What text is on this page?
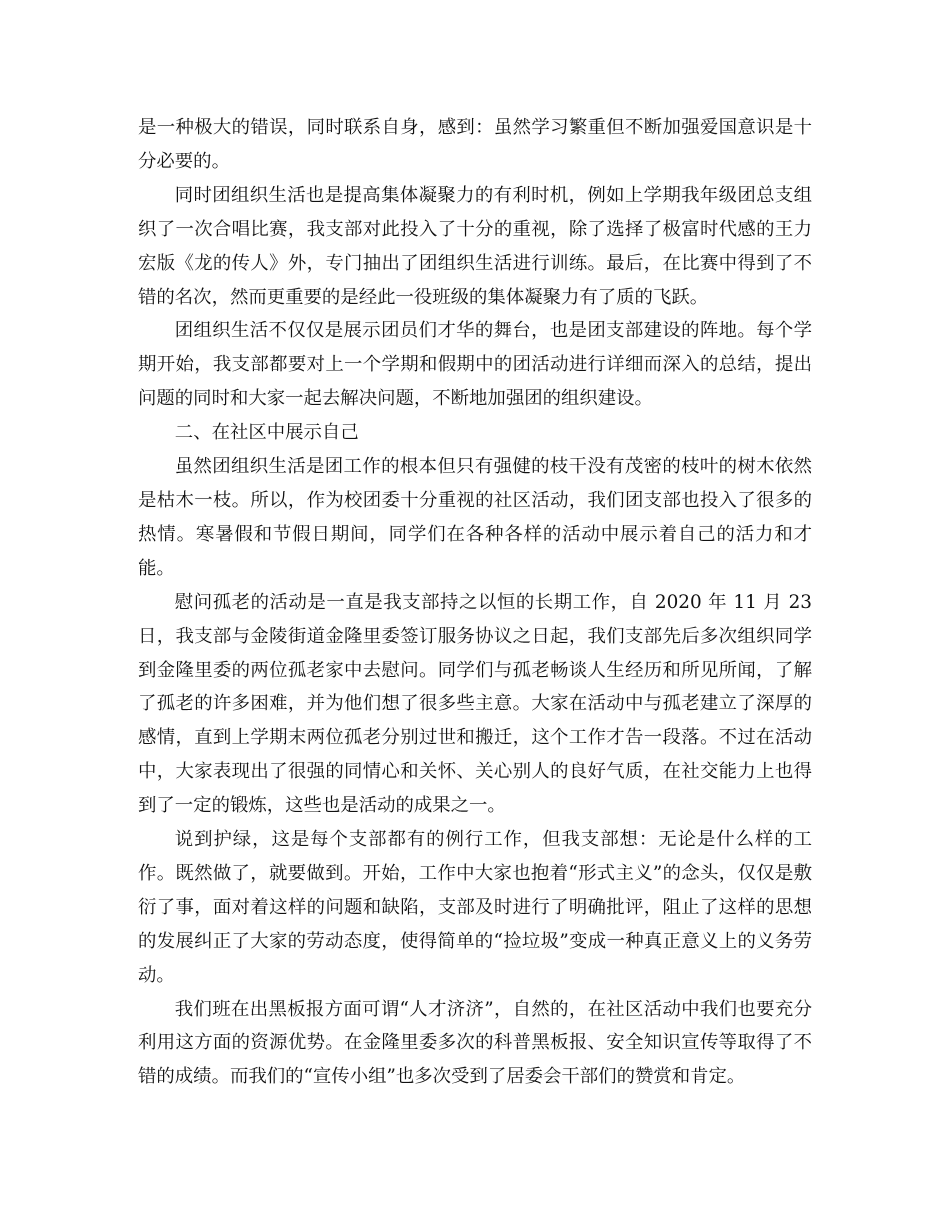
是一种极大的错误，同时联系自身，感到：虽然学习繁重但不断加强爱国意识是十分必要的。

同时团组织生活也是提高集体凝聚力的有利时机，例如上学期我年级团总支组织了一次合唱比赛，我支部对此投入了十分的重视，除了选择了极富时代感的王力宏版《龙的传人》外，专门抽出了团组织生活进行训练。最后，在比赛中得到了不错的名次，然而更重要的是经此一役班级的集体凝聚力有了质的飞跃。

团组织生活不仅仅是展示团员们才华的舞台，也是团支部建设的阵地。每个学期开始，我支部都要对上一个学期和假期中的团活动进行详细而深入的总结，提出问题的同时和大家一起去解决问题，不断地加强团的组织建设。

二、在社区中展示自己

虽然团组织生活是团工作的根本但只有强健的枝干没有茂密的枝叶的树木依然是枯木一枝。所以，作为校团委十分重视的社区活动，我们团支部也投入了很多的热情。寒暑假和节假日期间，同学们在各种各样的活动中展示着自己的活力和才能。

慰问孤老的活动是一直是我支部持之以恒的长期工作，自 2020 年 11 月 23 日，我支部与金陵街道金隆里委签订服务协议之日起，我们支部先后多次组织同学到金隆里委的两位孤老家中去慰问。同学们与孤老畅谈人生经历和所见所闻，了解了孤老的许多困难，并为他们想了很多些主意。大家在活动中与孤老建立了深厚的感情，直到上学期末两位孤老分别过世和搬迁，这个工作才告一段落。不过在活动中，大家表现出了很强的同情心和关怀、关心别人的良好气质，在社交能力上也得到了一定的锻炼，这些也是活动的成果之一。

说到护绿，这是每个支部都有的例行工作，但我支部想：无论是什么样的工作。既然做了，就要做到。开始，工作中大家也抱着“形式主义”的念头，仅仅是敷衍了事，面对着这样的问题和缺陷，支部及时进行了明确批评，阻止了这样的思想的发展纠正了大家的劳动态度，使得简单的“捡垃圾”变成一种真正意义上的义务劳动。

我们班在出黑板报方面可谓“人才济济”，自然的，在社区活动中我们也要充分利用这方面的资源优势。在金隆里委多次的科普黑板报、安全知识宣传等取得了不错的成绩。而我们的“宣传小组”也多次受到了居委会干部们的赞赏和肯定。
